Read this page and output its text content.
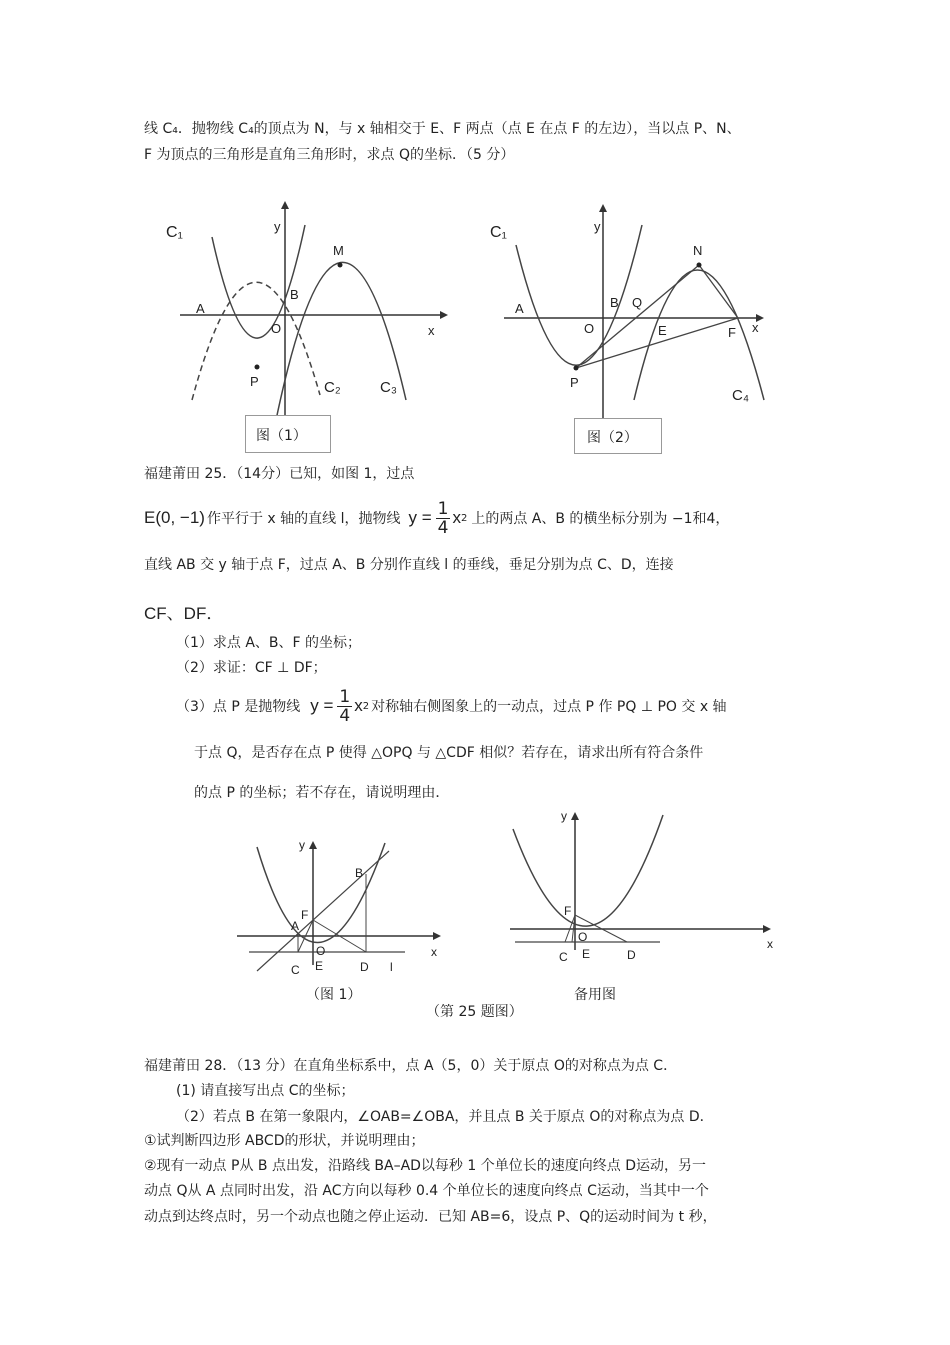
线 C₄．抛物线 C₄的顶点为 N，与 x 轴相交于 E、F 两点（点 E 在点 F 的左边），当以点 P、N、
F 为顶点的三角形是直角三角形时，求点 Q的坐标．（5 分）
C₁	y
M
B
A
O	x
P	C₂	C₃
图（1）
C₁	y
N
B Q
A
O	E	F x
P
C₄
图（2）
福建莆田 25．（14分）已知，如图 1，过点
E(0, −1) 作平行于 x 轴的直线 l，抛物线 $y = \frac{1}{4}$ x 2 上的两点 A、B 的横坐标分别为 −1和4，
直线 AB 交 y 轴于点 F，过点 A、B 分别作直线 l 的垂线，垂足分别为点 C、D，连接
CF、DF．
（1）求点 A、B、F 的坐标；
（2）求证：CF ⊥ DF；
（3）点 P 是抛物线 $y = \frac{1}{4}$ x 2 对称轴右侧图象上的一动点，过点 P 作 PQ ⊥ PO 交 x 轴
于点 Q，是否存在点 P 使得 △OPQ 与 △CDF 相似？若存在，请求出所有符合条件
的点 P 的坐标；若不存在，请说明理由．
y
B
F
A
O	x
C E	D l
（图 1）
y
F
O	x
C E	D
备用图
（第 25 题图）
福建莆田 28．（13 分）在直角坐标系中，点 A（5，0）关于原点 O的对称点为点 C．
(1) 请直接写出点 C的坐标；
（2）若点 B 在第一象限内，∠OAB=∠OBA，并且点 B 关于原点 O的对称点为点 D．
①试判断四边形 ABCD的形状，并说明理由；
②现有一动点 P从 B 点出发，沿路线 BA–AD以每秒 1 个单位长的速度向终点 D运动，另一
动点 Q从 A 点同时出发，沿 AC方向以每秒 0.4 个单位长的速度向终点 C运动，当其中一个
动点到达终点时，另一个动点也随之停止运动．已知 AB=6，设点 P、Q的运动时间为 t 秒，
